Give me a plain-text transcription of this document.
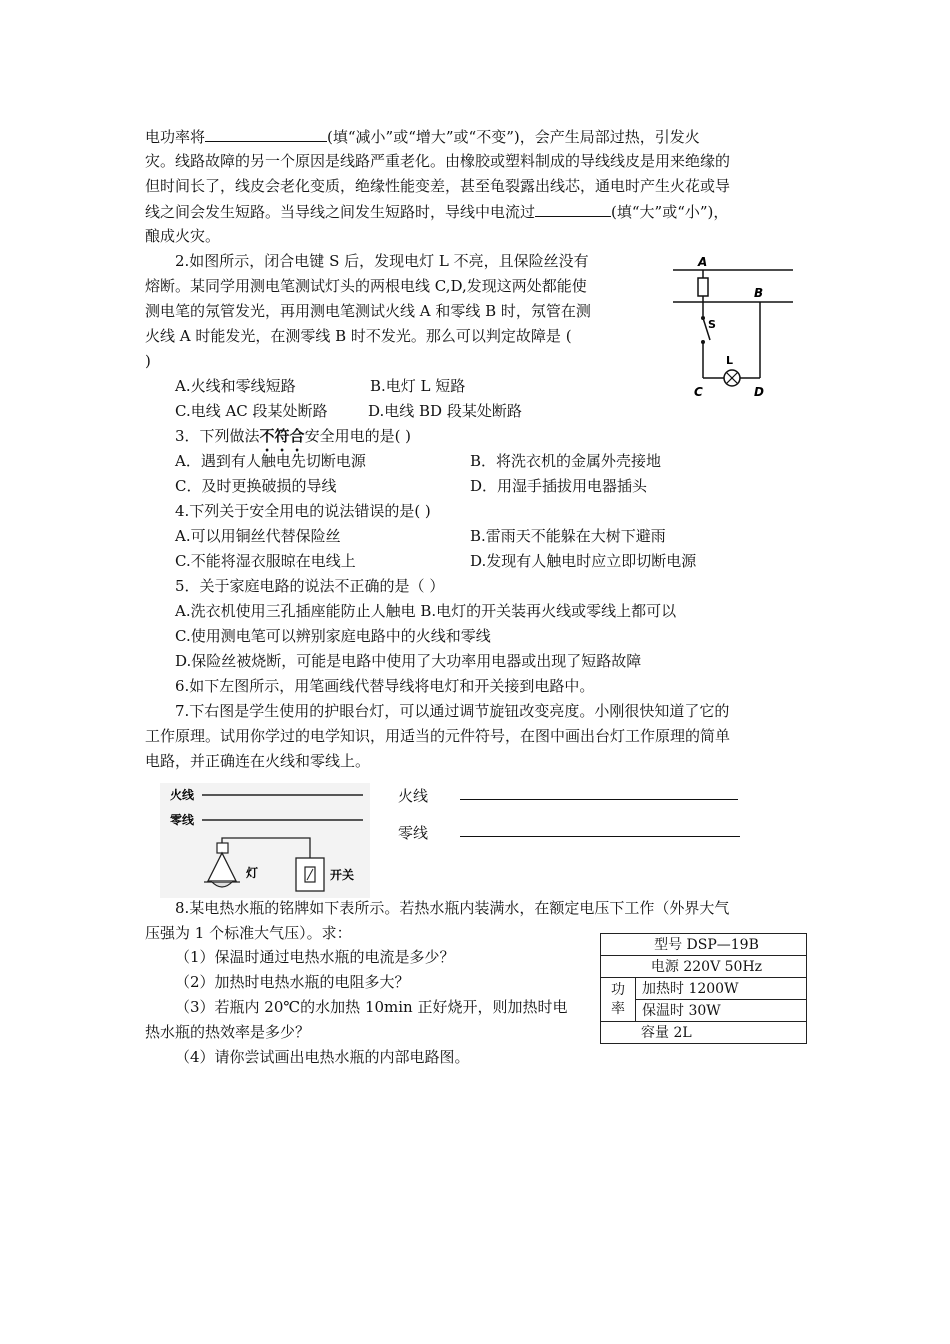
电功率将	(填“减小”或“增大”或“不变”)，会产生局部过热，引发火
灾。线路故障的另一个原因是线路严重老化。由橡胶或塑料制成的导线线皮是用来绝缘的
但时间长了，线皮会老化变质，绝缘性能变差，甚至龟裂露出线芯，通电时产生火花或导
线之间会发生短路。当导线之间发生短路时，导线中电流过	(填“大”或“小”)，
酿成火灾。
2.如图所示，闭合电键 S 后，发现电灯 L 不亮，且保险丝没有
熔断。某同学用测电笔测试灯头的两根电线 C,D,发现这两处都能使
测电笔的氖管发光，再用测电笔测试火线 A 和零线 B 时，氖管在测
火线 A 时能发光，在测零线 B 时不发光。那么可以判定故障是 (
)
A.火线和零线短路	B.电灯 L 短路
C.电线 AC 段某处断路	D.电线 BD 段某处断路
A
B
S
L
C	D
3．下列做法不符合安全用电的是( )
A．遇到有人触电先切断电源	B．将洗衣机的金属外壳接地
C．及时更换破损的导线	D．用湿手插拔用电器插头
4.下列关于安全用电的说法错误的是( )
A.可以用铜丝代替保险丝	B.雷雨天不能躲在大树下避雨
C.不能将湿衣服晾在电线上	D.发现有人触电时应立即切断电源
5．关于家庭电路的说法不正确的是（ ）
A.洗衣机使用三孔插座能防止人触电 B.电灯的开关装再火线或零线上都可以
C.使用测电笔可以辨别家庭电路中的火线和零线
D.保险丝被烧断，可能是电路中使用了大功率用电器或出现了短路故障
6.如下左图所示，用笔画线代替导线将电灯和开关接到电路中。
7.下右图是学生使用的护眼台灯，可以通过调节旋钮改变亮度。小刚很快知道了它的
工作原理。试用你学过的电学知识，用适当的元件符号，在图中画出台灯工作原理的简单
电路，并正确连在火线和零线上。
火线
零线
灯	开关
火线
零线
8.某电热水瓶的铭牌如下表所示。若热水瓶内装满水，在额定电压下工作（外界大气
压强为 1 个标准大气压）。求：
（1）保温时通过电热水瓶的电流是多少？
（2）加热时电热水瓶的电阻多大？
（3）若瓶内 20℃的水加热 10min 正好烧开，则加热时电
热水瓶的热效率是多少？
（4）请你尝试画出电热水瓶的内部电路图。
型号 DSP—19B
电源 220V 50Hz
功率	加热时 1200W
保温时 30W
容量 2L
